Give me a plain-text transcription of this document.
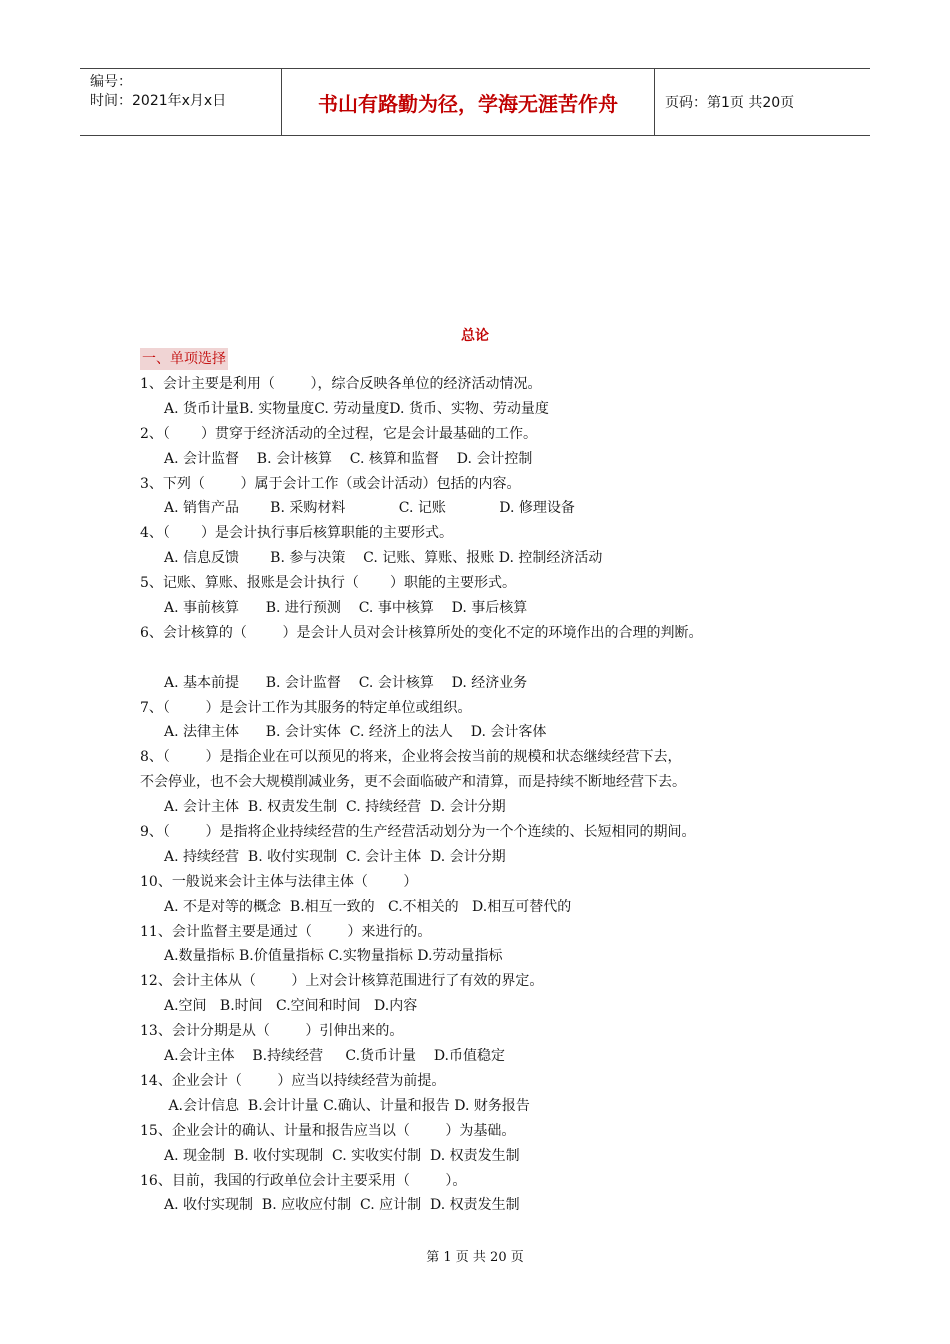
编号：
时间：2021年x月x日	书山有路勤为径，学海无涯苦作舟	页码：第1页 共20页
总论
一、单项选择
1、会计主要是利用（        ），综合反映各单位的经济活动情况。
A. 货币计量B. 实物量度C. 劳动量度D. 货币、实物、劳动量度
2、（       ）贯穿于经济活动的全过程，它是会计最基础的工作。
A. 会计监督    B. 会计核算    C. 核算和监督    D. 会计控制
3、下列（        ）属于会计工作（或会计活动）包括的内容。
A. 销售产品       B. 采购材料            C. 记账            D. 修理设备
4、（       ）是会计执行事后核算职能的主要形式。
A. 信息反馈       B. 参与决策    C. 记账、算账、报账 D. 控制经济活动
5、记账、算账、报账是会计执行（       ）职能的主要形式。
A. 事前核算      B. 进行预测    C. 事中核算    D. 事后核算
6、会计核算的（        ）是会计人员对会计核算所处的变化不定的环境作出的合理的判断。
A. 基本前提      B. 会计监督    C. 会计核算    D. 经济业务
7、（        ）是会计工作为其服务的特定单位或组织。
A. 法律主体      B. 会计实体  C. 经济上的法人    D. 会计客体
8、（        ）是指企业在可以预见的将来，企业将会按当前的规模和状态继续经营下去，
不会停业，也不会大规模削减业务，更不会面临破产和清算，而是持续不断地经营下去。
A. 会计主体  B. 权责发生制  C. 持续经营  D. 会计分期
9、（        ）是指将企业持续经营的生产经营活动划分为一个个连续的、长短相同的期间。
A. 持续经营  B. 收付实现制  C. 会计主体  D. 会计分期
10、一般说来会计主体与法律主体（        ）
A. 不是对等的概念  B.相互一致的   C.不相关的   D.相互可替代的
11、会计监督主要是通过（        ）来进行的。
A.数量指标 B.价值量指标 C.实物量指标 D.劳动量指标
12、会计主体从（        ）上对会计核算范围进行了有效的界定。
A.空间   B.时间   C.空间和时间   D.内容
13、会计分期是从（        ）引伸出来的。
A.会计主体    B.持续经营     C.货币计量    D.币值稳定
14、企业会计（        ）应当以持续经营为前提。
A.会计信息  B.会计计量 C.确认、计量和报告 D. 财务报告
15、企业会计的确认、计量和报告应当以（        ）为基础。
A. 现金制  B. 收付实现制  C. 实收实付制  D. 权责发生制
16、目前，我国的行政单位会计主要采用（        ）。
A. 收付实现制  B. 应收应付制  C. 应计制  D. 权责发生制
第 1 页 共 20 页
